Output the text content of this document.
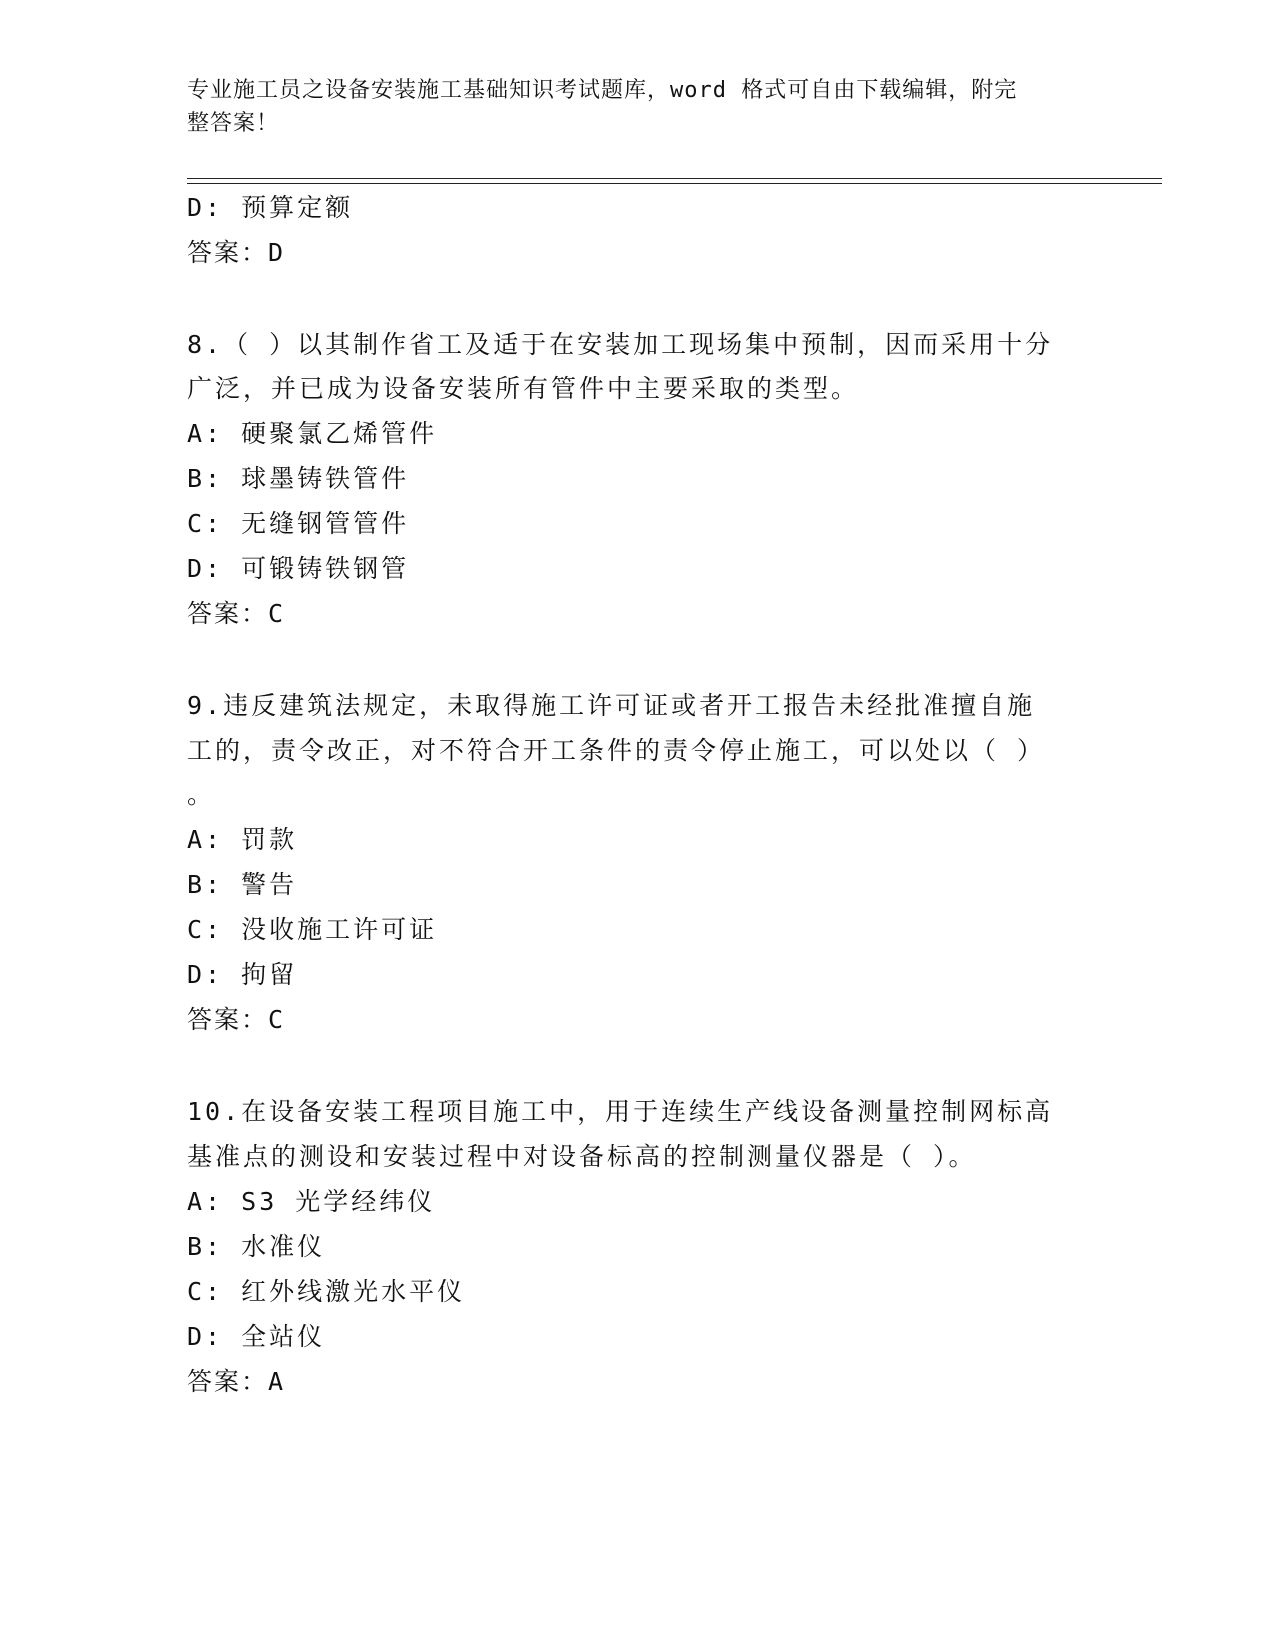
专业施工员之设备安装施工基础知识考试题库，word 格式可自由下载编辑，附完
整答案！
D: 预算定额
答案：D
8.（ ）以其制作省工及适于在安装加工现场集中预制，因而采用十分
广泛，并已成为设备安装所有管件中主要采取的类型。
A: 硬聚氯乙烯管件
B: 球墨铸铁管件
C: 无缝钢管管件
D: 可锻铸铁钢管
答案：C
9.违反建筑法规定，未取得施工许可证或者开工报告未经批准擅自施
工的，责令改正，对不符合开工条件的责令停止施工，可以处以（ ）
。
A: 罚款
B: 警告
C: 没收施工许可证
D: 拘留
答案：C
10.在设备安装工程项目施工中，用于连续生产线设备测量控制网标高
基准点的测设和安装过程中对设备标高的控制测量仪器是（ ）。
A: S3 光学经纬仪
B: 水准仪
C: 红外线激光水平仪
D: 全站仪
答案：A
